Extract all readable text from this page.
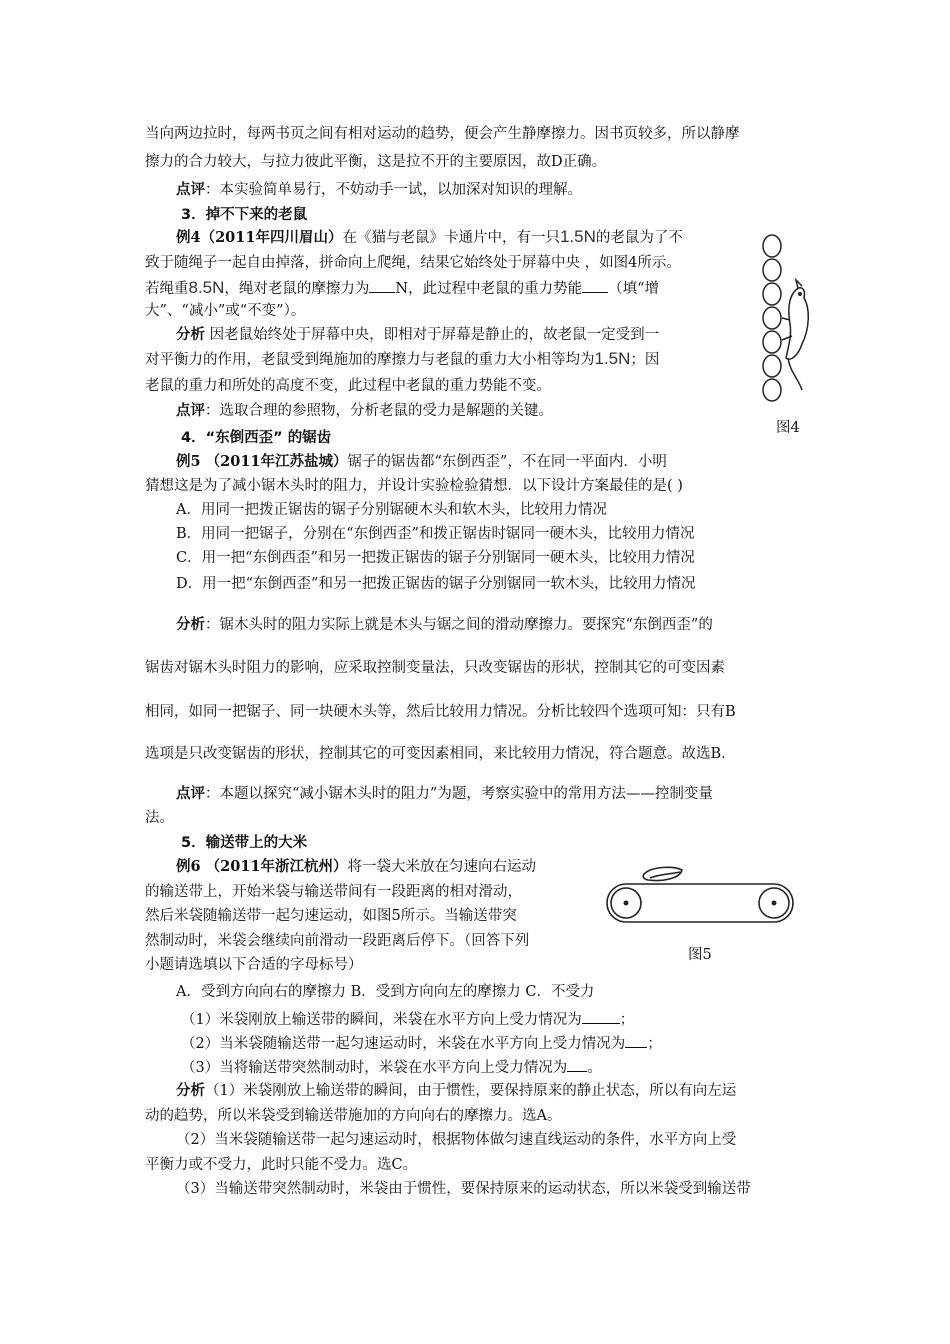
当向两边拉时，每两书页之间有相对运动的趋势，便会产生静摩擦力。因书页较多，所以静摩
擦力的合力较大，与拉力彼此平衡，这是拉不开的主要原因，故D正确。
点评：本实验简单易行，不妨动手一试，以加深对知识的理解。
3．掉不下来的老鼠
例4（2011年四川眉山）在《猫与老鼠》卡通片中，有一只1.5N的老鼠为了不
致于随绳子一起自由掉落，拼命向上爬绳，结果它始终处于屏幕中央 ，如图4所示。
若绳重8.5N，绳对老鼠的摩擦力为 N，此过程中老鼠的重力势能 （填“增
大”、“减小”或“不变”）。
分析 因老鼠始终处于屏幕中央，即相对于屏幕是静止的，故老鼠一定受到一
对平衡力的作用，老鼠受到绳施加的摩擦力与老鼠的重力大小相等均为1.5N；因
老鼠的重力和所处的高度不变，此过程中老鼠的重力势能不变。
点评：选取合理的参照物，分析老鼠的受力是解题的关键。
图4
4．“东倒西歪” 的锯齿
例5 （2011年江苏盐城）锯子的锯齿都“东倒西歪”，不在同一平面内．小明
猜想这是为了减小锯木头时的阻力，并设计实验检验猜想．以下设计方案最佳的是( )
A．用同一把拨正锯齿的锯子分别锯硬木头和软木头，比较用力情况
B．用同一把锯子，分别在“东倒西歪”和拨正锯齿时锯同一硬木头，比较用力情况
C．用一把“东倒西歪”和另一把拨正锯齿的锯子分别锯同一硬木头，比较用力情况
D．用一把“东倒西歪”和另一把拨正锯齿的锯子分别锯同一软木头，比较用力情况
分析：锯木头时的阻力实际上就是木头与锯之间的滑动摩擦力。要探究“东倒西歪”的
锯齿对锯木头时阻力的影响，应采取控制变量法，只改变锯齿的形状，控制其它的可变因素
相同，如同一把锯子、同一块硬木头等，然后比较用力情况。分析比较四个选项可知：只有B
选项是只改变锯齿的形状，控制其它的可变因素相同，来比较用力情况，符合题意。故选B．
点评：本题以探究“减小锯木头时的阻力”为题，考察实验中的常用方法——控制变量
法。
5．输送带上的大米
例6 （2011年浙江杭州）将一袋大米放在匀速向右运动
的输送带上，开始米袋与输送带间有一段距离的相对滑动，
然后米袋随输送带一起匀速运动，如图5所示。当输送带突
然制动时，米袋会继续向前滑动一段距离后停下。（回答下列
小题请选填以下合适的字母标号）
图5
A．受到方向向右的摩擦力 B．受到方向向左的摩擦力 C．不受力
（1）米袋刚放上输送带的瞬间，米袋在水平方向上受力情况为	；
（2）当米袋随输送带一起匀速运动时，米袋在水平方向上受力情况为 ；
（3）当将输送带突然制动时，米袋在水平方向上受力情况为 。
分析（1）米袋刚放上输送带的瞬间，由于惯性，要保持原来的静止状态，所以有向左运
动的趋势，所以米袋受到输送带施加的方向向右的摩擦力。选A。
（2）当米袋随输送带一起匀速运动时，根据物体做匀速直线运动的条件，水平方向上受
平衡力或不受力，此时只能不受力。选C。
（3）当输送带突然制动时，米袋由于惯性，要保持原来的运动状态，所以米袋受到输送带
